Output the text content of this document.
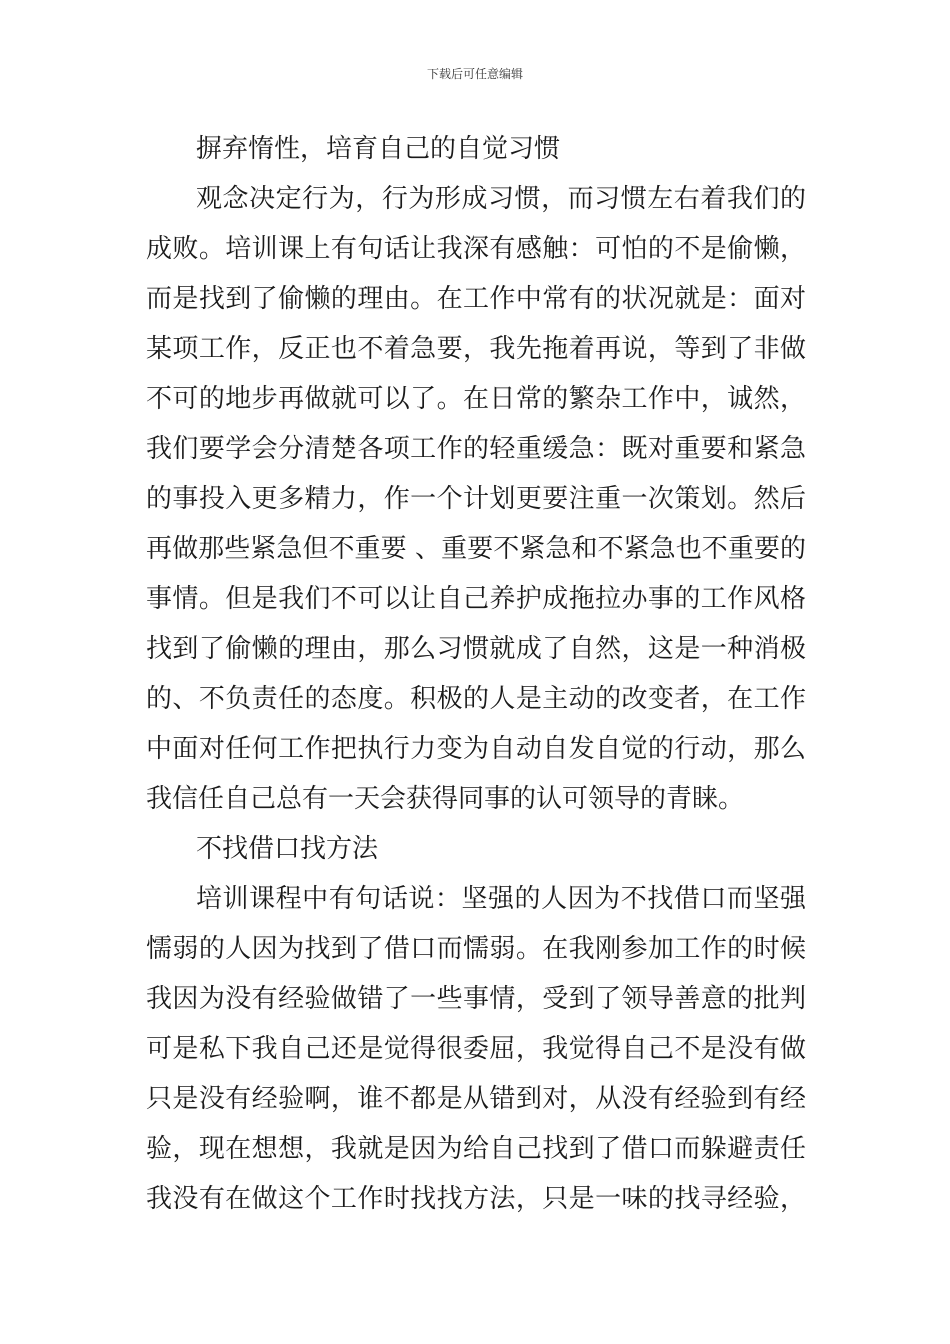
下载后可任意编辑
摒弃惰性，培育自己的自觉习惯
观念决定行为，行为形成习惯，而习惯左右着我们的
成败。培训课上有句话让我深有感触：可怕的不是偷懒，
而是找到了偷懒的理由。在工作中常有的状况就是：面对
某项工作，反正也不着急要，我先拖着再说，等到了非做
不可的地步再做就可以了。在日常的繁杂工作中，诚然，
我们要学会分清楚各项工作的轻重缓急：既对重要和紧急
的事投入更多精力，作一个计划更要注重一次策划。然后
再做那些紧急但不重要 、重要不紧急和不紧急也不重要的
事情。但是我们不可以让自己养护成拖拉办事的工作风格
找到了偷懒的理由，那么习惯就成了自然，这是一种消极
的、不负责任的态度。积极的人是主动的改变者，在工作
中面对任何工作把执行力变为自动自发自觉的行动，那么
我信任自己总有一天会获得同事的认可领导的青睐。
不找借口找方法
培训课程中有句话说：坚强的人因为不找借口而坚强
懦弱的人因为找到了借口而懦弱。在我刚参加工作的时候
我因为没有经验做错了一些事情，受到了领导善意的批判
可是私下我自己还是觉得很委屈，我觉得自己不是没有做
只是没有经验啊，谁不都是从错到对，从没有经验到有经
验，现在想想，我就是因为给自己找到了借口而躲避责任
我没有在做这个工作时找找方法，只是一味的找寻经验，
